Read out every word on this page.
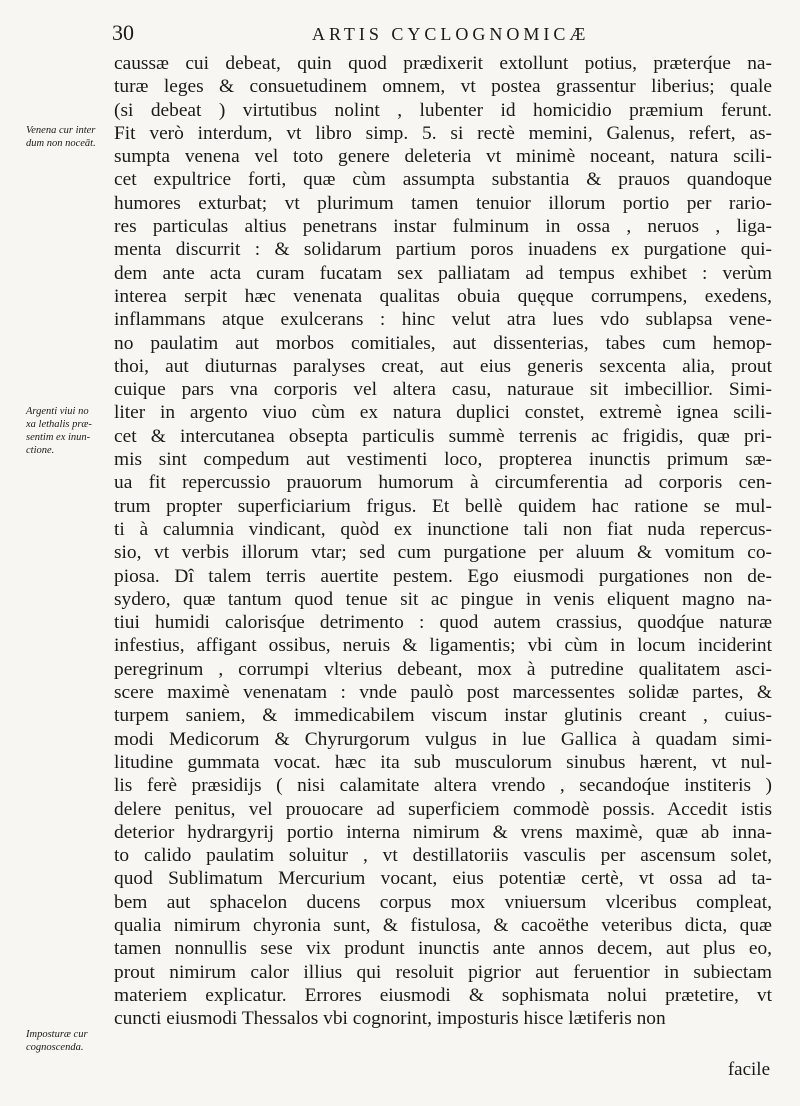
30	ARTIS CYCLOGNOMICÆ
Venena cur inter
dum non noceāt.
Argenti viui no
xa lethalis præ-
sentim ex inun-
ctione.
Imposturæ cur
cognoscenda.
caussæ cui debeat, quin quod prædixerit extollunt potius, præterq́ue na-
turæ leges & consuetudinem omnem, vt postea grassentur liberius; quale
(si debeat ) virtutibus nolint , lubenter id homicidio præmium ferunt.
Fit verò interdum, vt libro simp. 5. si rectè memini, Galenus, refert, as-
sumpta venena vel toto genere deleteria vt minimè noceant, natura scili-
cet expultrice forti, quæ cùm assumpta substantia & prauos quandoque
humores exturbat; vt plurimum tamen tenuior illorum portio per rario-
res particulas altius penetrans instar fulminum in ossa , neruos , liga-
menta discurrit : & solidarum partium poros inuadens ex purgatione qui-
dem ante acta curam fucatam sex palliatam ad tempus exhibet : verùm
interea serpit hæc venenata qualitas obuia quęque corrumpens, exedens,
inflammans atque exulcerans : hinc velut atra lues vdo sublapsa vene-
no paulatim aut morbos comitiales, aut dissenterias, tabes cum hemop-
thoi, aut diuturnas paralyses creat, aut eius generis sexcenta alia, prout
cuique pars vna corporis vel altera casu, naturaue sit imbecillior. Simi-
liter in argento viuo cùm ex natura duplici constet, extremè ignea scili-
cet & intercutanea obsepta particulis summè terrenis ac frigidis, quæ pri-
mis sint compedum aut vestimenti loco, propterea inunctis primum sæ-
ua fit repercussio prauorum humorum à circumferentia ad corporis cen-
trum propter superficiarium frigus. Et bellè quidem hac ratione se mul-
ti à calumnia vindicant, quòd ex inunctione tali non fiat nuda repercus-
sio, vt verbis illorum vtar; sed cum purgatione per aluum & vomitum co-
piosa. Dî talem terris auertite pestem. Ego eiusmodi purgationes non de-
sydero, quæ tantum quod tenue sit ac pingue in venis eliquent magno na-
tiui humidi calorisq́ue detrimento : quod autem crassius, quodq́ue naturæ
infestius, affigant ossibus, neruis & ligamentis; vbi cùm in locum inciderint
peregrinum , corrumpi vlterius debeant, mox à putredine qualitatem asci-
scere maximè venenatam : vnde paulò post marcessentes solidæ partes, &
turpem saniem, & immedicabilem viscum instar glutinis creant , cuius-
modi Medicorum & Chyrurgorum vulgus in lue Gallica à quadam simi-
litudine gummata vocat. hæc ita sub musculorum sinubus hærent, vt nul-
lis ferè præsidijs ( nisi calamitate altera vrendo , secandoq́ue institeris )
delere penitus, vel prouocare ad superficiem commodè possis. Accedit istis
deterior hydrargyrij portio interna nimirum & vrens maximè, quæ ab inna-
to calido paulatim soluitur , vt destillatoriis vasculis per ascensum solet,
quod Sublimatum Mercurium vocant, eius potentiæ certè, vt ossa ad ta-
bem aut sphacelon ducens corpus mox vniuersum vlceribus compleat,
qualia nimirum chyronia sunt, & fistulosa, & cacoëthe veteribus dicta, quæ
tamen nonnullis sese vix produnt inunctis ante annos decem, aut plus eo,
prout nimirum calor illius qui resoluit pigrior aut feruentior in subiectam
materiem explicatur. Errores eiusmodi & sophismata nolui prætetire, vt
cuncti eiusmodi Thessalos vbi cognorint, imposturis hisce lætiferis non
facile
